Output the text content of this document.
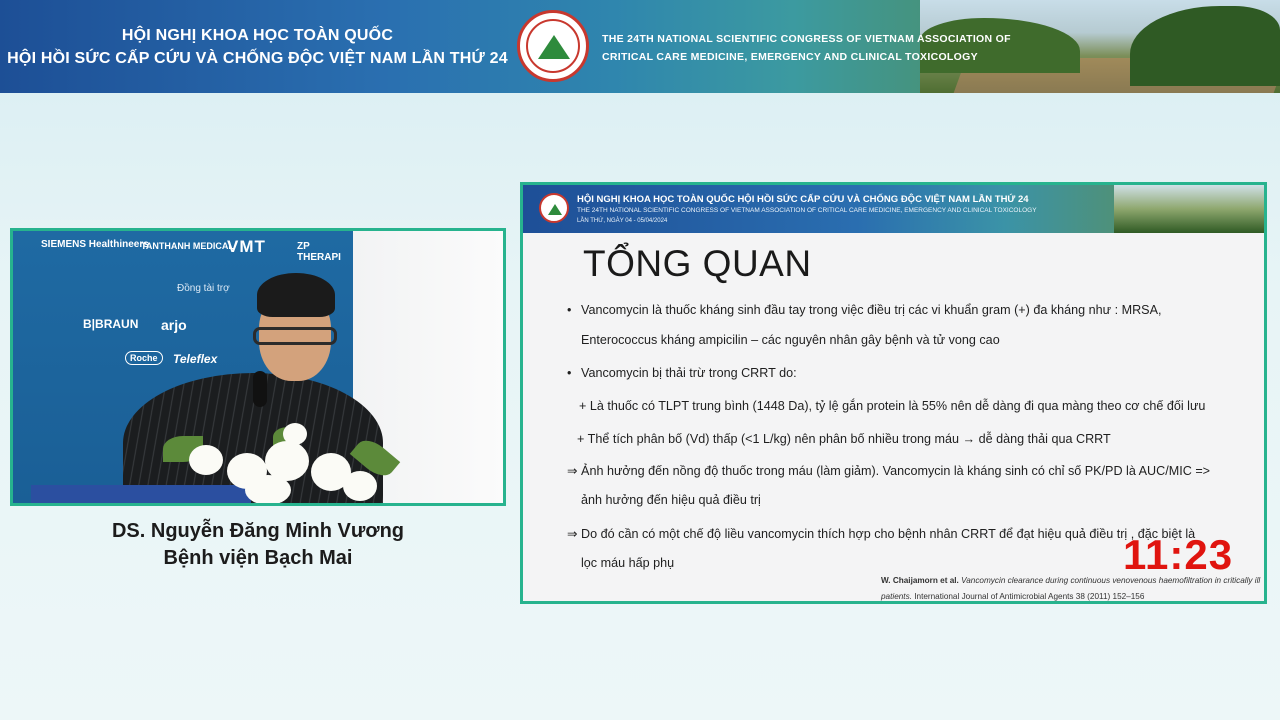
HỘI NGHỊ KHOA HỌC TOÀN QUỐC
HỘI HỒI SỨC CẤP CỨU VÀ CHỐNG ĐỘC VIỆT NAM LẦN THỨ 24
THE 24TH NATIONAL SCIENTIFIC CONGRESS OF VIETNAM ASSOCIATION OF
CRITICAL CARE MEDICINE, EMERGENCY AND CLINICAL TOXICOLOGY
SIEMENS Healthineers
TANTHANH MEDICAL
VMT	ZP THERAPI
Đồng tài trợ
B|BRAUN arjo
Roche	Teleflex
DS. Nguyễn Đăng Minh Vương
Bệnh viện Bạch Mai
HỘI NGHỊ KHOA HỌC TOÀN QUỐC HỘI HỒI SỨC CẤP CỨU VÀ CHỐNG ĐỘC VIỆT NAM LẦN THỨ 24
THE 24TH NATIONAL SCIENTIFIC CONGRESS OF VIETNAM ASSOCIATION OF CRITICAL CARE MEDICINE, EMERGENCY AND CLINICAL TOXICOLOGY
LẦN THỨ, NGÀY 04 - 05/04/2024
TỔNG QUAN
• Vancomycin là thuốc kháng sinh đầu tay trong việc điều trị các vi khuẩn gram (+) đa kháng như : MRSA,
Enterococcus kháng ampicilin – các nguyên nhân gây bệnh và tử vong cao
• Vancomycin bị thải trừ trong CRRT do:
+ Là thuốc có TLPT trung bình (1448 Da), tỷ lệ gắn protein là 55% nên dễ dàng đi qua màng theo cơ chế đối lưu
+ Thể tích phân bố (Vd) thấp (<1 L/kg) nên phân bố nhiều trong máu → dễ dàng thải qua CRRT
⇒ Ảnh hưởng đến nồng độ thuốc trong máu (làm giảm). Vancomycin là kháng sinh có chỉ số PK/PD là AUC/MIC =>
ảnh hưởng đến hiệu quả điều trị
⇒ Do đó cần có một chế độ liều vancomycin thích hợp cho bệnh nhân CRRT để đạt hiệu quả điều trị , đặc biệt là
lọc máu hấp phụ	11:23
W. Chaijamorn et al. Vancomycin clearance during continuous venovenous haemofiltration in critically ill patients. International Journal of Antimicrobial Agents 38 (2011) 152–156
